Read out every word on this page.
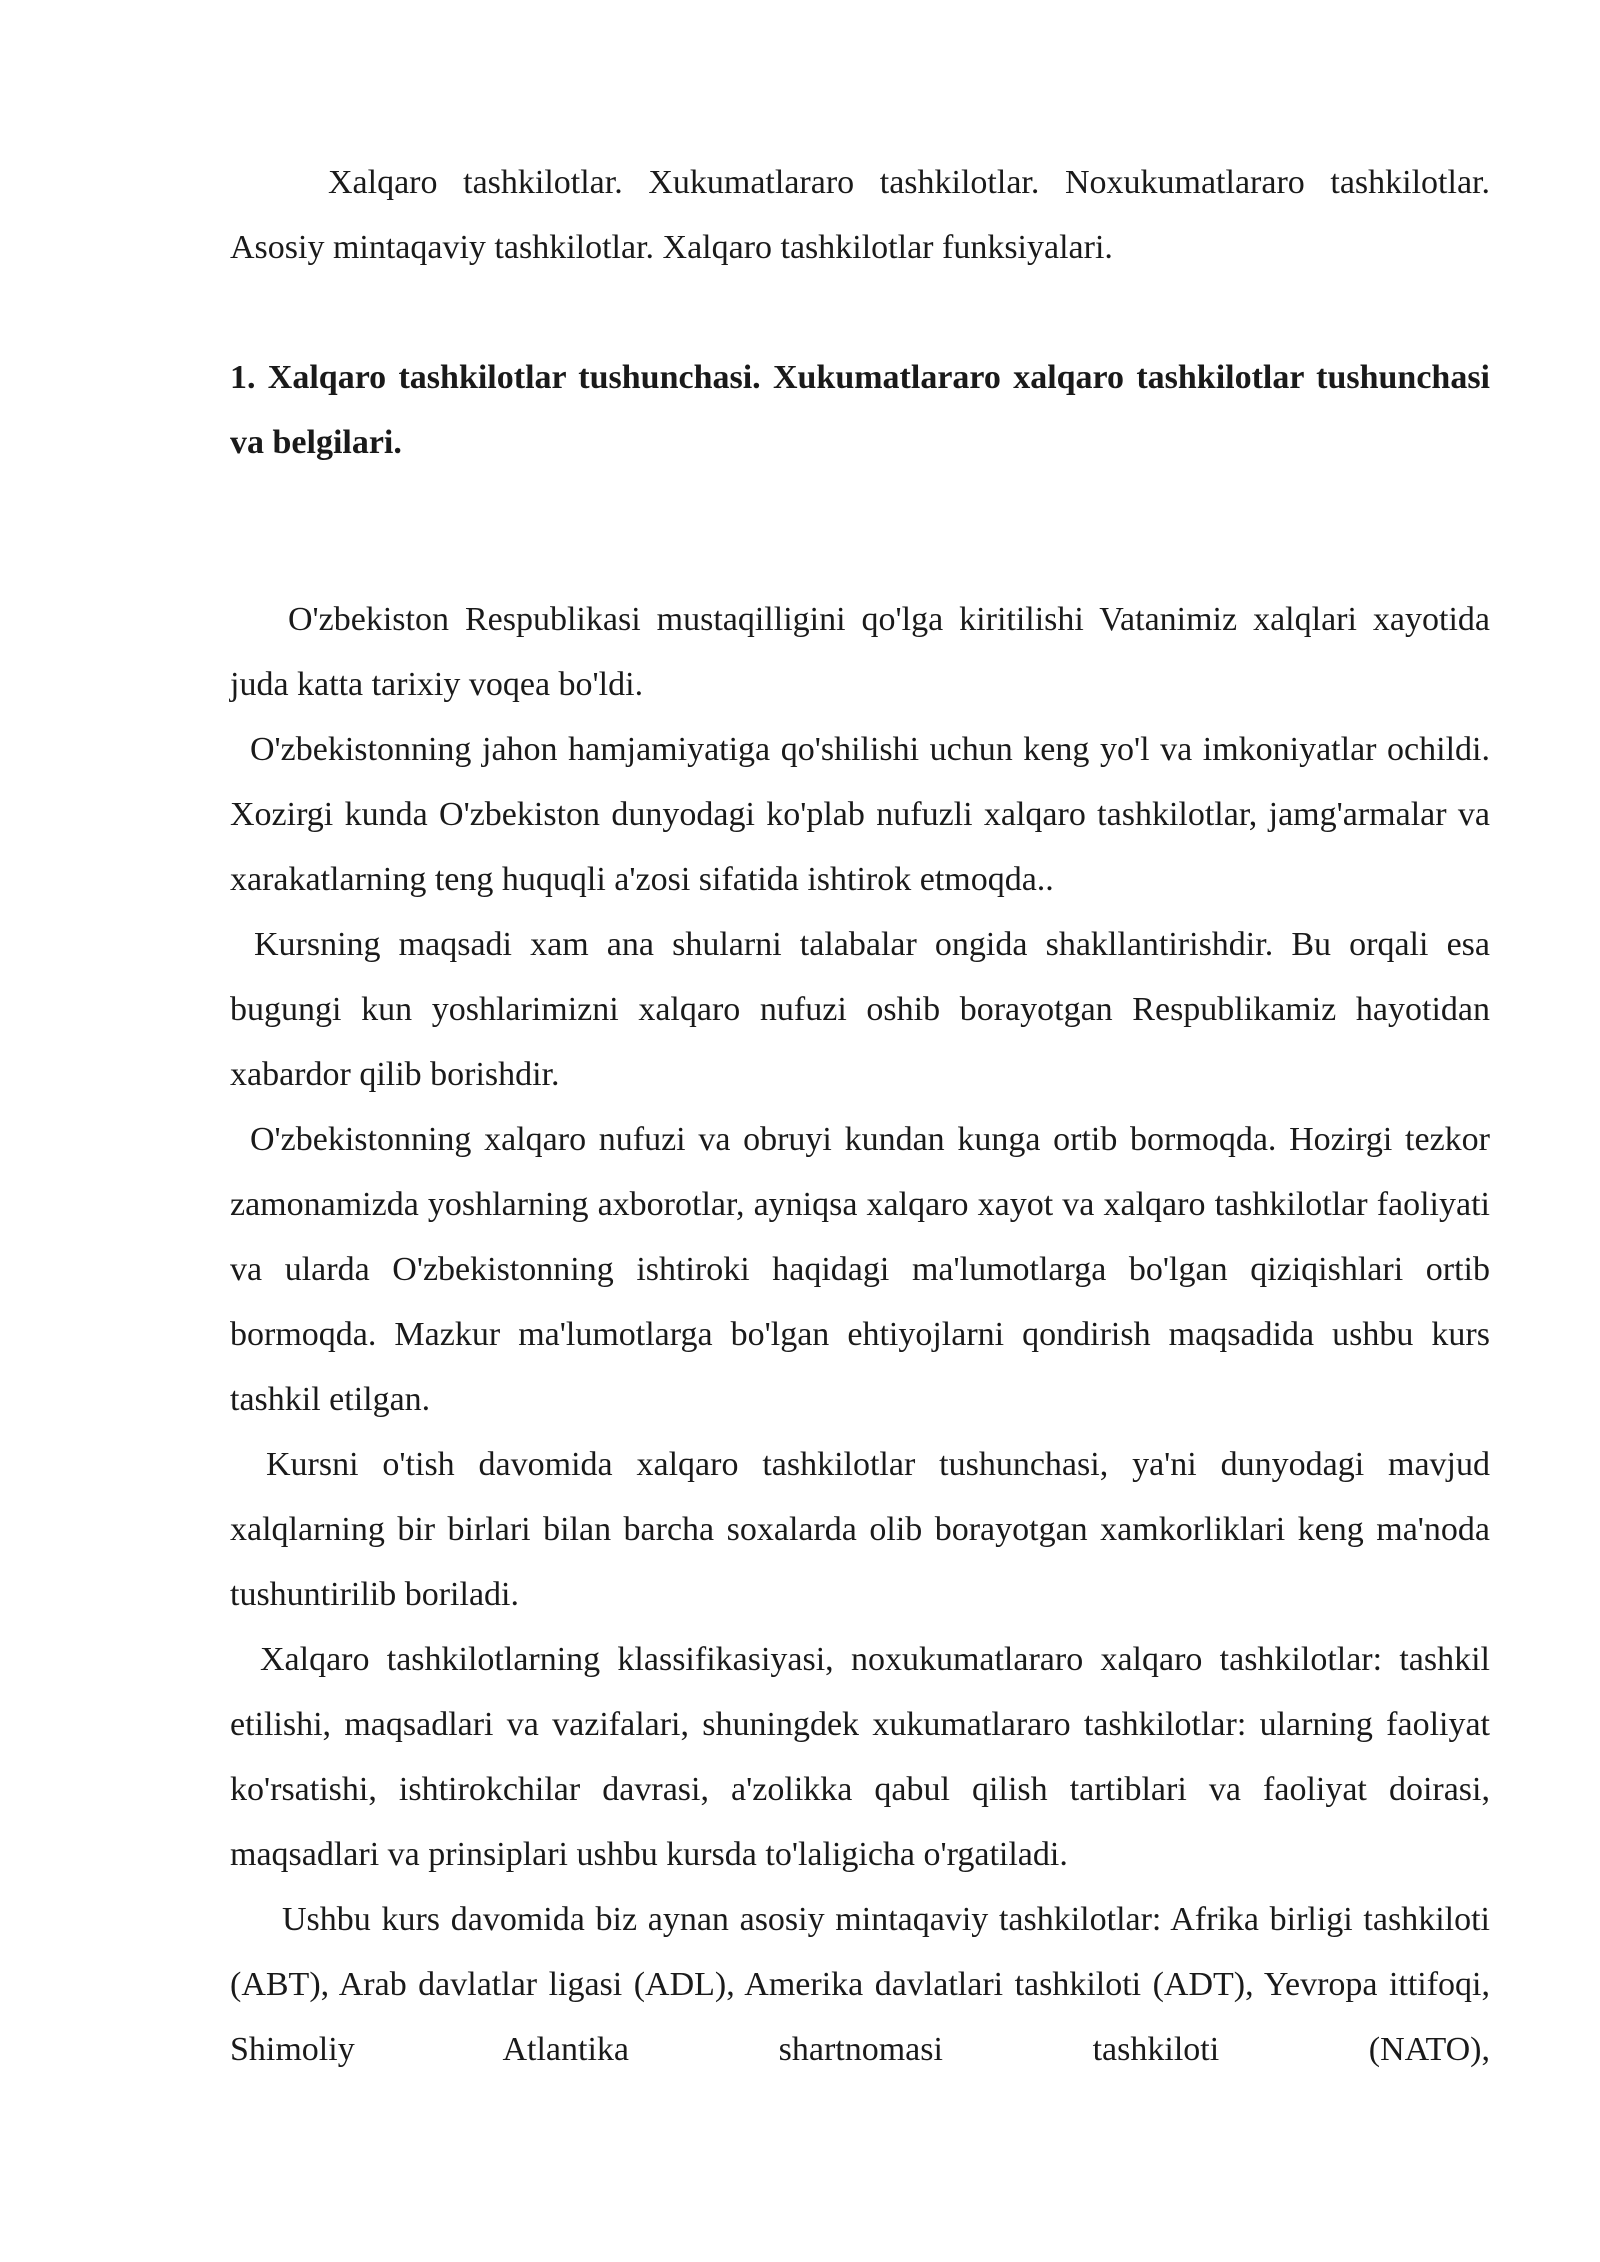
Xalqaro tashkilotlar. Xukumatlararo tashkilotlar. Noxukumatlararo tashkilotlar. Asosiy mintaqaviy tashkilotlar. Xalqaro tashkilotlar funksiyalari.

1. Xalqaro tashkilotlar tushunchasi. Xukumatlararo xalqaro tashkilotlar tushunchasi va belgilari.

O'zbekiston Respublikasi mustaqilligini qo'lga kiritilishi Vatanimiz xalqlari xayotida juda katta tarixiy voqea bo'ldi.

O'zbekistonning jahon hamjamiyatiga qo'shilishi uchun keng yo'l va imkoniyatlar ochildi. Xozirgi kunda O'zbekiston dunyodagi ko'plab nufuzli xalqaro tashkilotlar, jamg'armalar va xarakatlarning teng huquqli a'zosi sifatida ishtirok etmoqda..

Kursning maqsadi xam ana shularni talabalar ongida shakllantirishdir. Bu orqali esa bugungi kun yoshlarimizni xalqaro nufuzi oshib borayotgan Respublikamiz hayotidan xabardor qilib borishdir.

O'zbekistonning xalqaro nufuzi va obruyi kundan kunga ortib bormoqda. Hozirgi tezkor zamonamizda yoshlarning axborotlar, ayniqsa xalqaro xayot va xalqaro tashkilotlar faoliyati va ularda O'zbekistonning ishtiroki haqidagi ma'lumotlarga bo'lgan qiziqishlari ortib bormoqda. Mazkur ma'lumotlarga bo'lgan ehtiyojlarni qondirish maqsadida ushbu kurs tashkil etilgan.

Kursni o'tish davomida xalqaro tashkilotlar tushunchasi, ya'ni dunyodagi mavjud xalqlarning bir birlari bilan barcha soxalarda olib borayotgan xamkorliklari keng ma'noda tushuntirilib boriladi.

Xalqaro tashkilotlarning klassifikasiyasi, noxukumatlararo xalqaro tashkilotlar: tashkil etilishi, maqsadlari va vazifalari, shuningdek xukumatlararo tashkilotlar: ularning faoliyat ko'rsatishi, ishtirokchilar davrasi, a'zolikka qabul qilish tartiblari va faoliyat doirasi, maqsadlari va prinsiplari ushbu kursda to'laligicha o'rgatiladi.

Ushbu kurs davomida biz aynan asosiy mintaqaviy tashkilotlar: Afrika birligi tashkiloti (ABT), Arab davlatlar ligasi (ADL), Amerika davlatlari tashkiloti (ADT), Yevropa ittifoqi, Shimoliy Atlantika shartnomasi tashkiloti (NATO),
